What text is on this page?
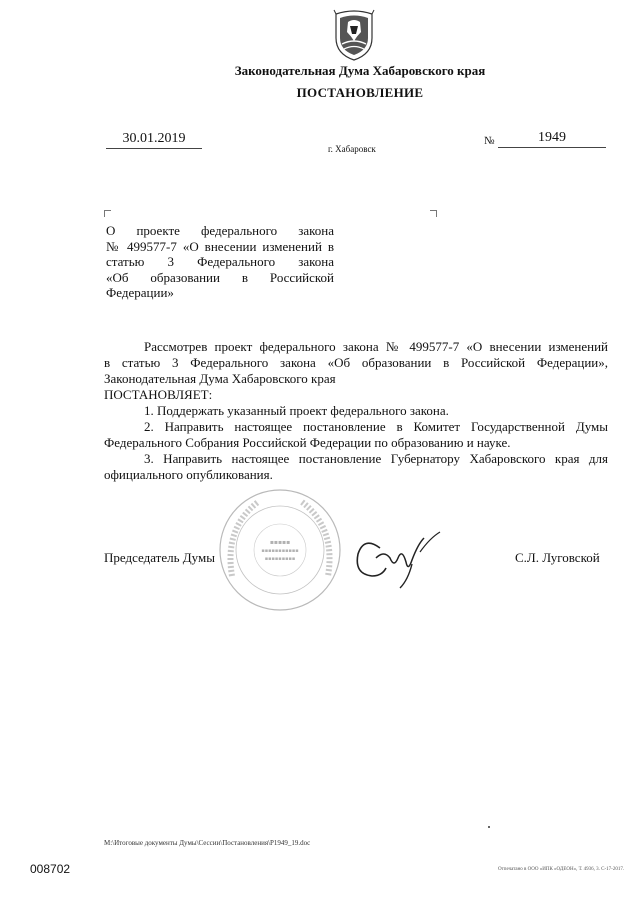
Законодательная Дума Хабаровского края
ПОСТАНОВЛЕНИЕ
30.01.2019
г. Хабаровск
№	1949
О проекте федерального закона
№ 499577-7 «О внесении изменений в
статью 3 Федерального закона
«Об образовании в Российской
Федерации»
Рассмотрев проект федерального закона № 499577-7 «О внесении изменений
в статью 3 Федерального закона «Об образовании в Российской Федерации»,
Законодательная Дума Хабаровского края
ПОСТАНОВЛЯЕТ:
1. Поддержать указанный проект федерального закона.
2. Направить настоящее постановление в Комитет Государственной Думы
Федерального Собрания Российской Федерации по образованию и науке.
3. Направить настоящее постановление Губернатору Хабаровского края для
официального опубликования.
▪▪▪▪▪
▪▪▪▪▪▪▪▪▪▪▪
▪▪▪▪▪▪▪▪▪
Председатель Думы	С.Л. Луговской
M:\Итоговые документы Думы\Сессии\Постановления\P1949_19.doc
008702	Отпечатано в ООО «ИПК «ОДЕОН», Т. 4936, 3. С-17-2017.
